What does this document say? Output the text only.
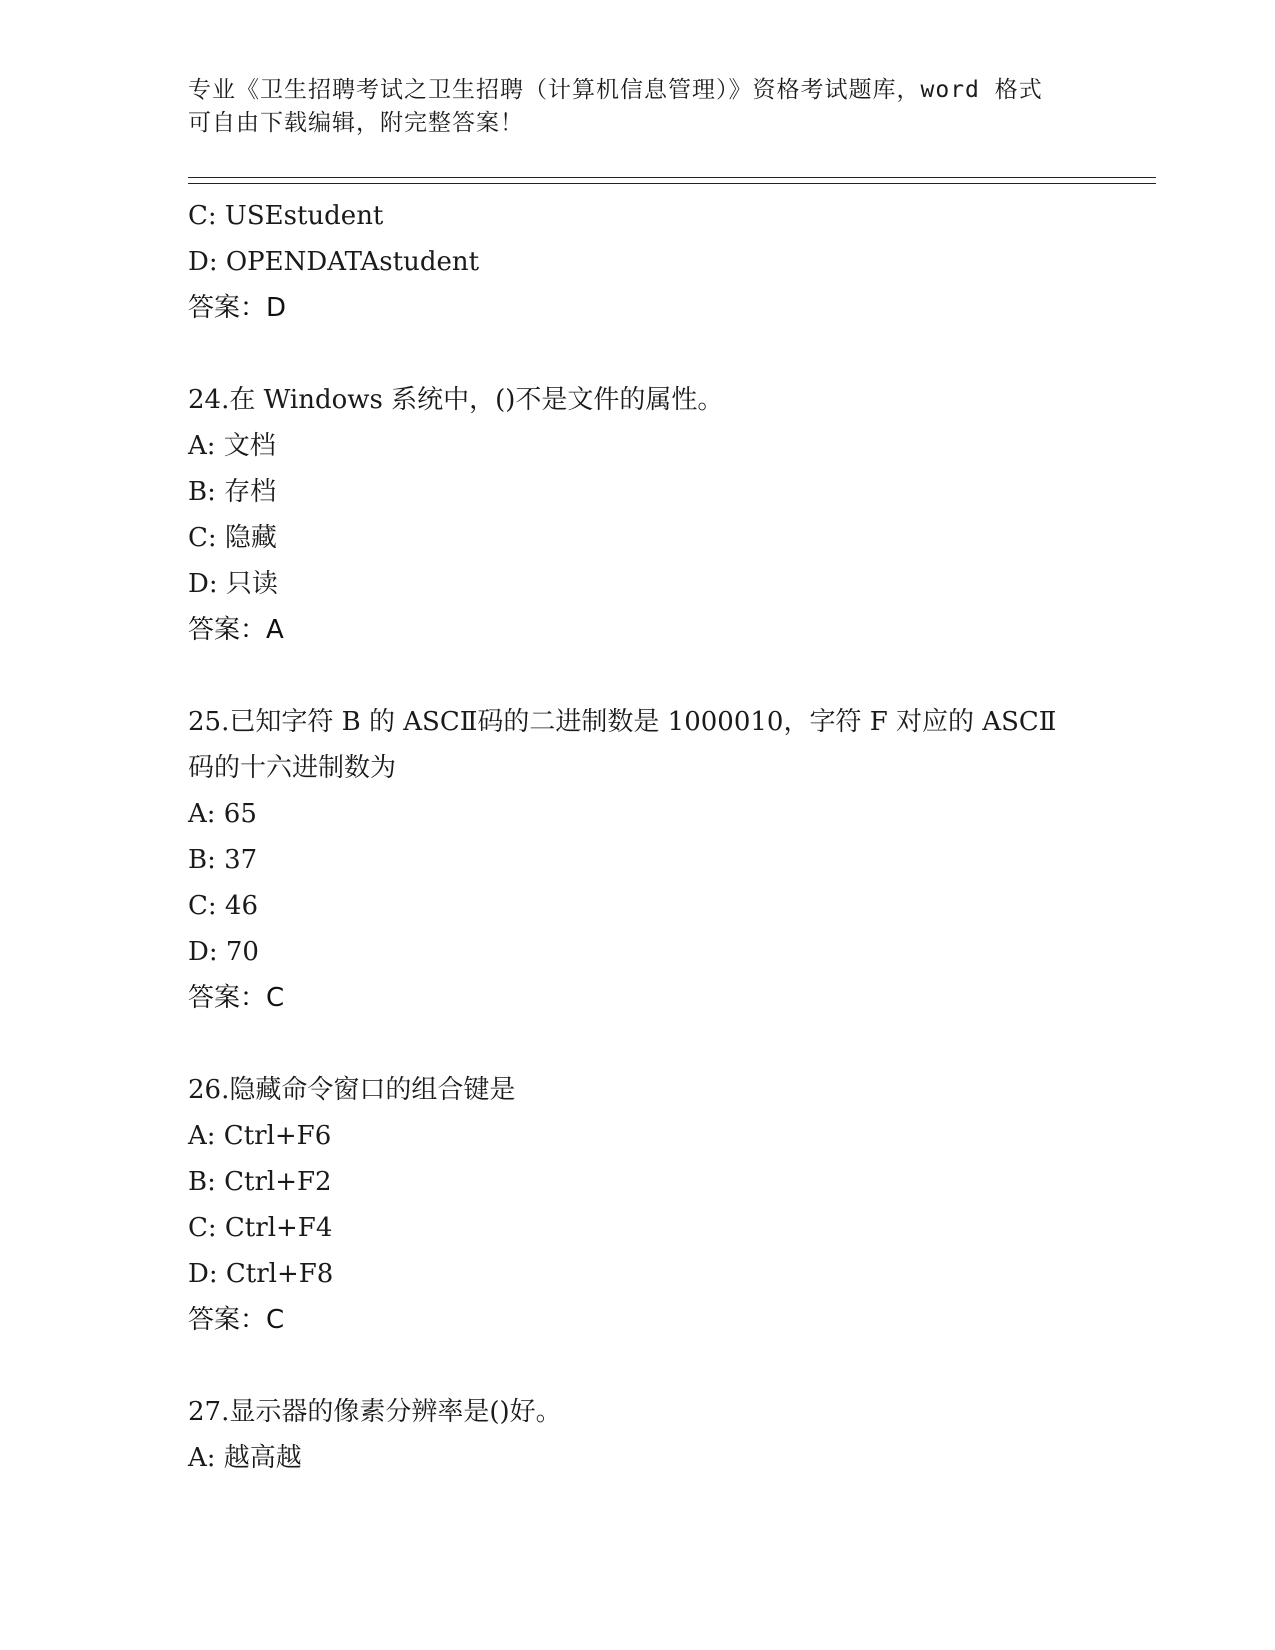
专业《卫生招聘考试之卫生招聘（计算机信息管理）》资格考试题库，word 格式
可自由下载编辑，附完整答案！
C: USEstudent
D: OPENDATAstudent
答案：D
24.在 Windows 系统中，()不是文件的属性。
A: 文档
B: 存档
C: 隐藏
D: 只读
答案：A
25.已知字符 B 的 ASCⅡ码的二进制数是 1000010，字符 F 对应的 ASCⅡ
码的十六进制数为
A: 65
B: 37
C: 46
D: 70
答案：C
26.隐藏命令窗口的组合键是
A: Ctrl+F6
B: Ctrl+F2
C: Ctrl+F4
D: Ctrl+F8
答案：C
27.显示器的像素分辨率是()好。
A: 越高越
